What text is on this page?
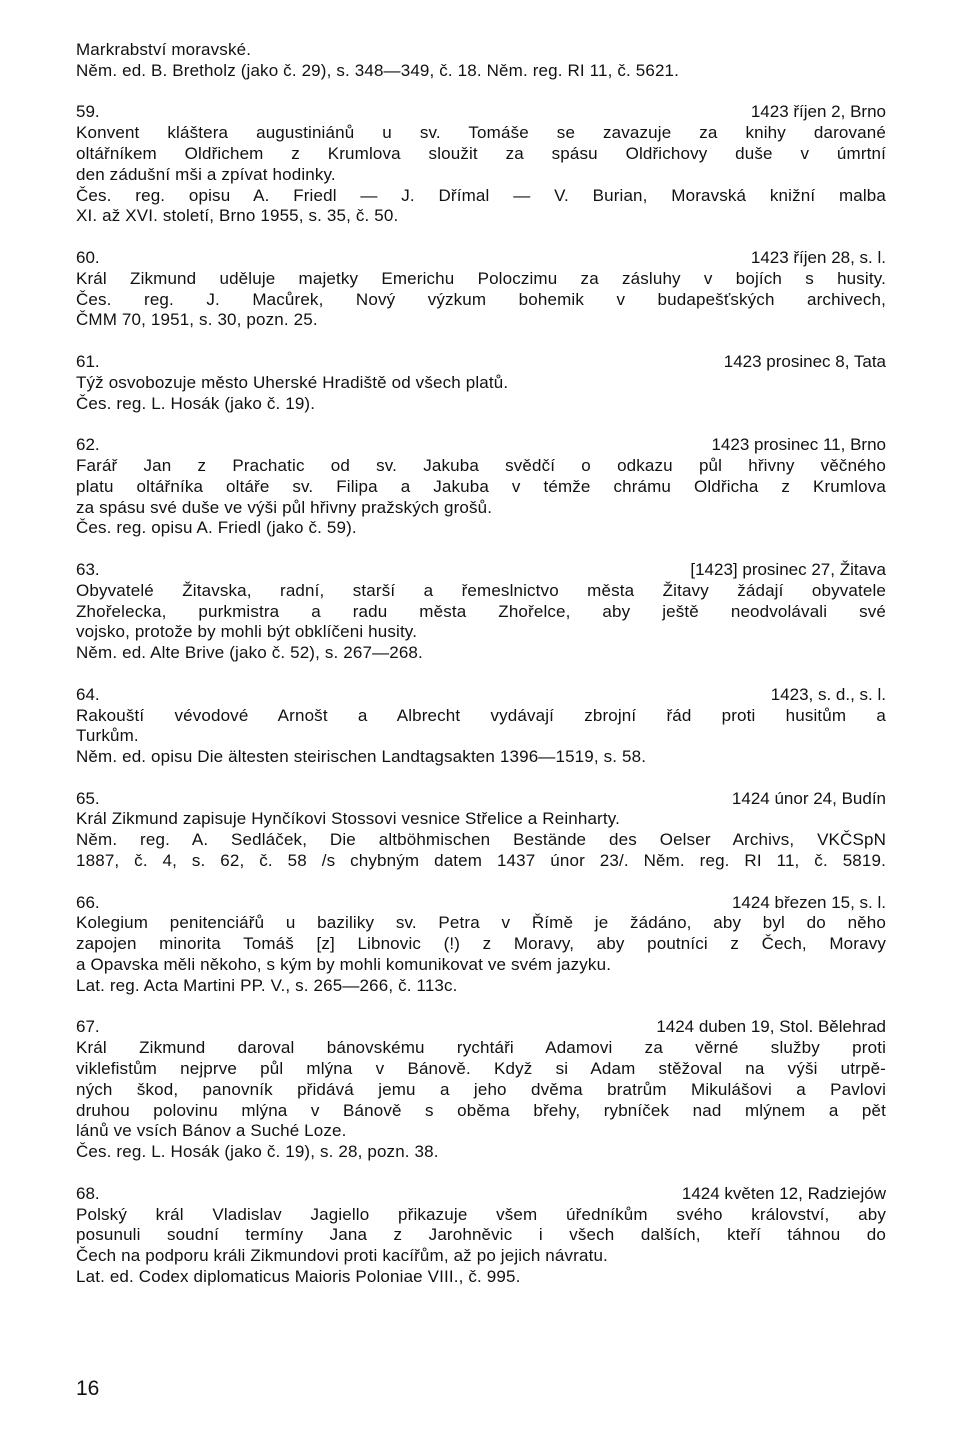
Markrabství moravské.
Něm. ed. B. Bretholz (jako č. 29), s. 348—349, č. 18. Něm. reg. RI 11, č. 5621.
59.	1423 říjen 2, Brno
Konvent kláštera augustiniánů u sv. Tomáše se zavazuje za knihy darované
oltářníkem Oldřichem z Krumlova sloužit za spásu Oldřichovy duše v úmrtní
den zádušní mši a zpívat hodinky.
Čes. reg. opisu A. Friedl — J. Dřímal — V. Burian, Moravská knižní malba
XI. až XVI. století, Brno 1955, s. 35, č. 50.
60.	1423 říjen 28, s. l.
Král Zikmund uděluje majetky Emerichu Poloczimu za zásluhy v bojích s husity.
Čes. reg. J. Macůrek, Nový výzkum bohemik v budapešťských archivech,
ČMM 70, 1951, s. 30, pozn. 25.
61.	1423 prosinec 8, Tata
Týž osvobozuje město Uherské Hradiště od všech platů.
Čes. reg. L. Hosák (jako č. 19).
62.	1423 prosinec 11, Brno
Farář Jan z Prachatic od sv. Jakuba svědčí o odkazu půl hřivny věčného
platu oltářníka oltáře sv. Filipa a Jakuba v témže chrámu Oldřicha z Krumlova
za spásu své duše ve výši půl hřivny pražských grošů.
Čes. reg. opisu A. Friedl (jako č. 59).
63.	[1423] prosinec 27, Žitava
Obyvatelé Žitavska, radní, starší a řemeslnictvo města Žitavy žádají obyvatele
Zhořelecka, purkmistra a radu města Zhořelce, aby ještě neodvolávali své
vojsko, protože by mohli být obklíčeni husity.
Něm. ed. Alte Brive (jako č. 52), s. 267—268.
64.	1423, s. d., s. l.
Rakouští vévodové Arnošt a Albrecht vydávají zbrojní řád proti husitům a
Turkům.
Něm. ed. opisu Die ältesten steirischen Landtagsakten 1396—1519, s. 58.
65.	1424 únor 24, Budín
Král Zikmund zapisuje Hynčíkovi Stossovi vesnice Střelice a Reinharty.
Něm. reg. A. Sedláček, Die altböhmischen Bestände des Oelser Archivs, VKČSpN
1887, č. 4, s. 62, č. 58 /s chybným datem 1437 únor 23/. Něm. reg. RI 11, č. 5819.
66.	1424 březen 15, s. l.
Kolegium penitenciářů u baziliky sv. Petra v Římě je žádáno, aby byl do něho
zapojen minorita Tomáš [z] Libnovic (!) z Moravy, aby poutníci z Čech, Moravy
a Opavska měli někoho, s kým by mohli komunikovat ve svém jazyku.
Lat. reg. Acta Martini PP. V., s. 265—266, č. 113c.
67.	1424 duben 19, Stol. Bělehrad
Král Zikmund daroval bánovskému rychtáři Adamovi za věrné služby proti
viklefistům nejprve půl mlýna v Bánově. Když si Adam stěžoval na výši utrpě-
ných škod, panovník přidává jemu a jeho dvěma bratrům Mikulášovi a Pavlovi
druhou polovinu mlýna v Bánově s oběma břehy, rybníček nad mlýnem a pět
lánů ve vsích Bánov a Suché Loze.
Čes. reg. L. Hosák (jako č. 19), s. 28, pozn. 38.
68.	1424 květen 12, Radziejów
Polský král Vladislav Jagiello přikazuje všem úředníkům svého království, aby
posunuli soudní termíny Jana z Jarohněvic i všech dalších, kteří táhnou do
Čech na podporu králi Zikmundovi proti kacířům, až po jejich návratu.
Lat. ed. Codex diplomaticus Maioris Poloniae VIII., č. 995.
16
